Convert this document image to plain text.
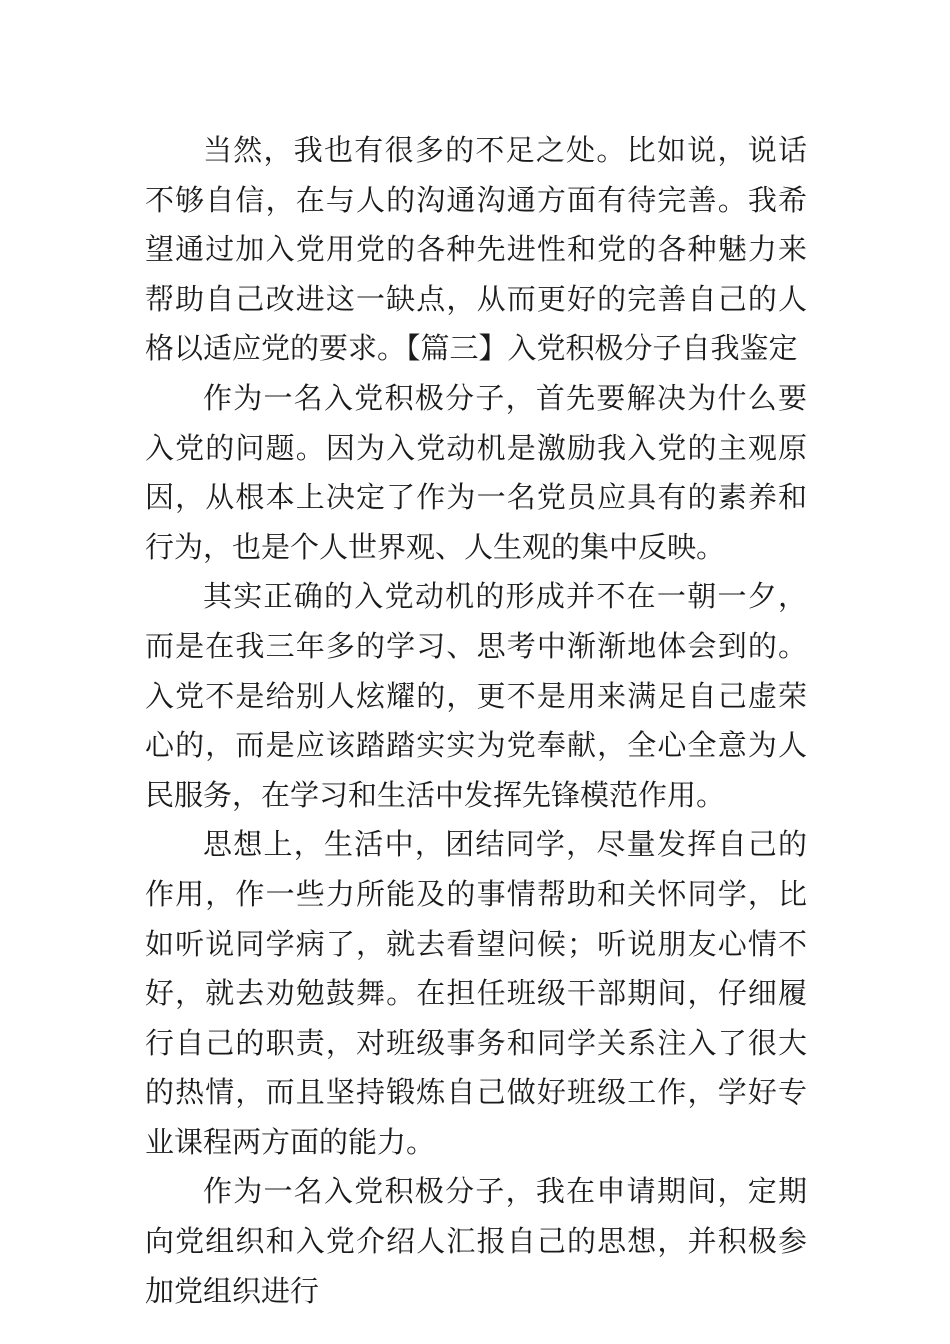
当然，我也有很多的不足之处。比如说，说话不够自信，在与人的沟通沟通方面有待完善。我希望通过加入党用党的各种先进性和党的各种魅力来帮助自己改进这一缺点，从而更好的完善自己的人格以适应党的要求。【篇三】入党积极分子自我鉴定

作为一名入党积极分子，首先要解决为什么要入党的问题。因为入党动机是激励我入党的主观原因，从根本上决定了作为一名党员应具有的素养和行为，也是个人世界观、人生观的集中反映。

其实正确的入党动机的形成并不在一朝一夕，而是在我三年多的学习、思考中渐渐地体会到的。入党不是给别人炫耀的，更不是用来满足自己虚荣心的，而是应该踏踏实实为党奉献，全心全意为人民服务，在学习和生活中发挥先锋模范作用。

思想上，生活中，团结同学，尽量发挥自己的作用，作一些力所能及的事情帮助和关怀同学，比如听说同学病了，就去看望问候；听说朋友心情不好，就去劝勉鼓舞。在担任班级干部期间，仔细履行自己的职责，对班级事务和同学关系注入了很大的热情，而且坚持锻炼自己做好班级工作，学好专业课程两方面的能力。

作为一名入党积极分子，我在申请期间，定期向党组织和入党介绍人汇报自己的思想，并积极参加党组织进行
